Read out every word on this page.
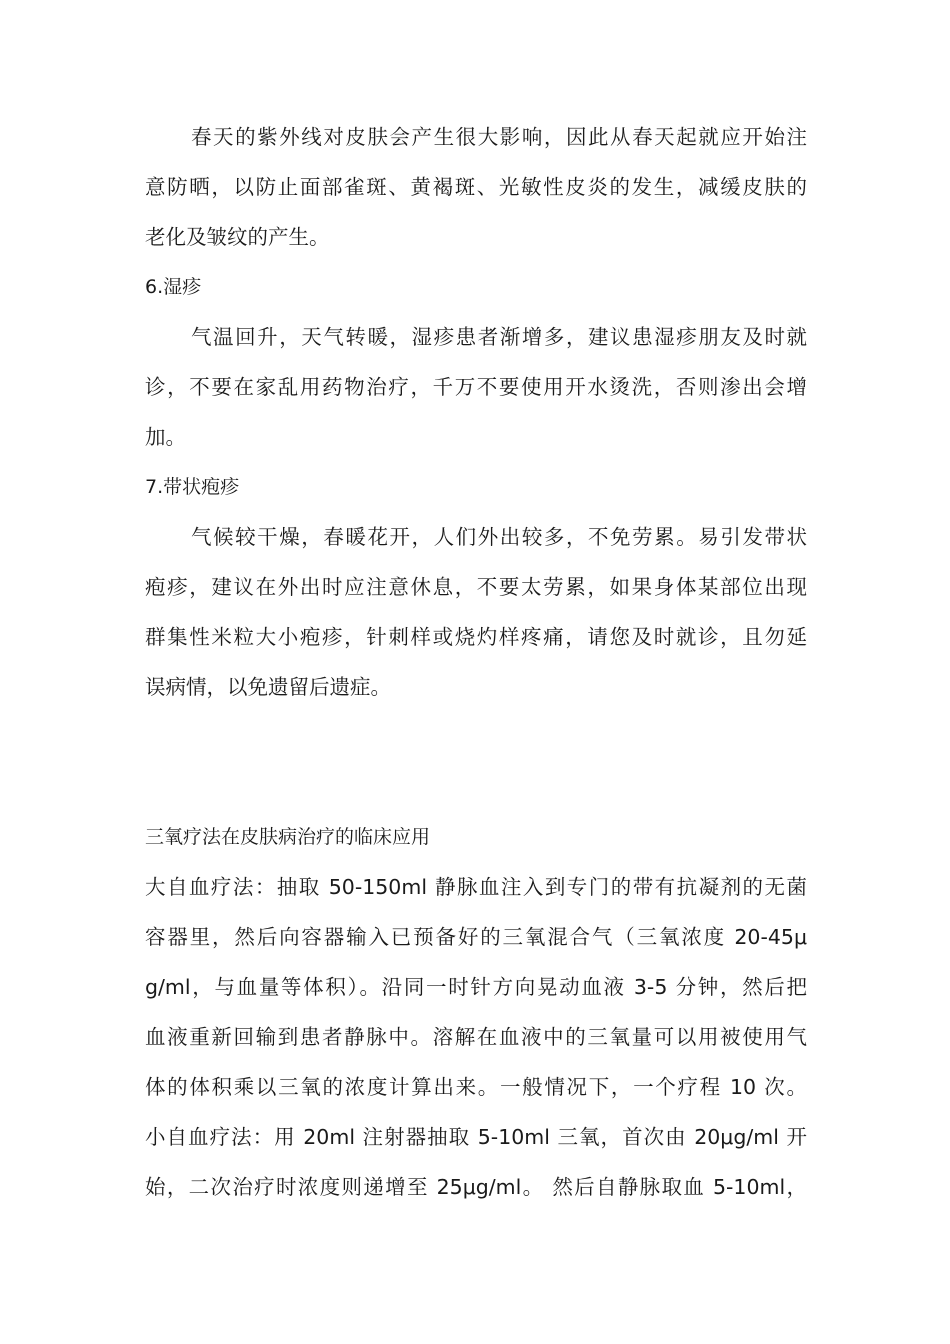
春天的紫外线对皮肤会产生很大影响，因此从春天起就应开始注
意防晒，以防止面部雀斑、黄褐斑、光敏性皮炎的发生，减缓皮肤的
老化及皱纹的产生。
6.湿疹
气温回升，天气转暖，湿疹患者渐增多，建议患湿疹朋友及时就
诊，不要在家乱用药物治疗，千万不要使用开水烫洗，否则渗出会增
加。
7.带状疱疹
气候较干燥，春暖花开，人们外出较多，不免劳累。易引发带状
疱疹，建议在外出时应注意休息，不要太劳累，如果身体某部位出现
群集性米粒大小疱疹，针刺样或烧灼样疼痛，请您及时就诊，且勿延
误病情，以免遗留后遗症。
三氧疗法在皮肤病治疗的临床应用
大自血疗法：抽取 50-150ml 静脉血注入到专门的带有抗凝剂的无菌
容器里，然后向容器输入已预备好的三氧混合气（三氧浓度 20-45μ
g/ml，与血量等体积）。沿同一时针方向晃动血液 3-5 分钟，然后把
血液重新回输到患者静脉中。溶解在血液中的三氧量可以用被使用气
体的体积乘以三氧的浓度计算出来。一般情况下，一个疗程 10 次。
小自血疗法：用 20ml 注射器抽取 5-10ml 三氧，首次由 20μg/ml 开
始，二次治疗时浓度则递增至 25μg/ml。 然后自静脉取血 5-10ml，
